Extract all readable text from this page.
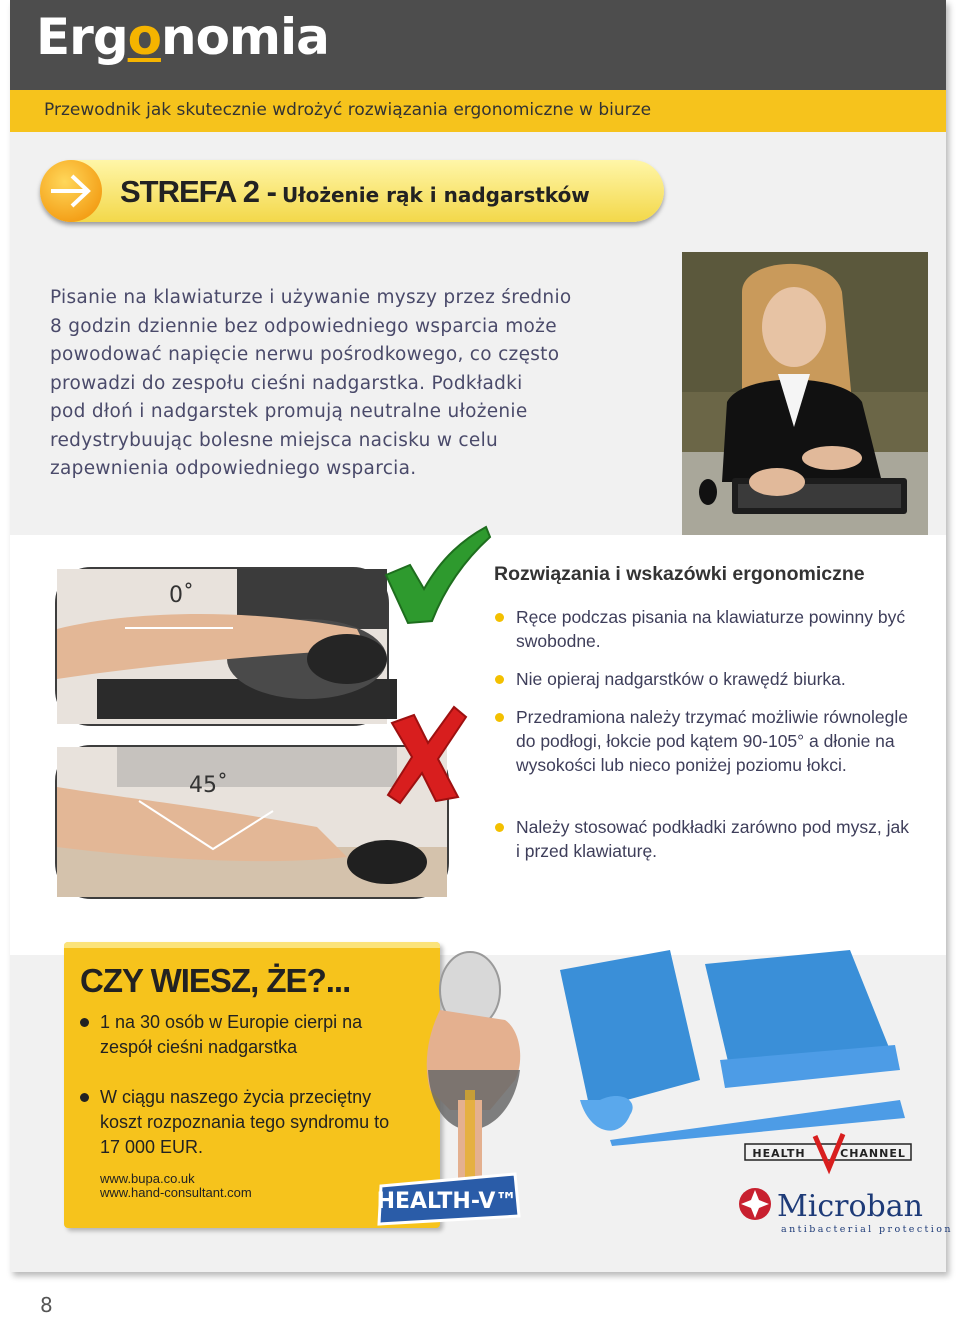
Ergonomia
Przewodnik jak skutecznie wdrożyć rozwiązania ergonomiczne w biurze
STREFA 2 - Ułożenie rąk i nadgarstków
Pisanie na klawiaturze i używanie myszy przez średnio
8 godzin dziennie bez odpowiedniego wsparcia może
powodować napięcie nerwu pośrodkowego, co często
prowadzi do zespołu cieśni nadgarstka. Podkładki
pod dłoń i nadgarstek promują neutralne ułożenie
redystrybuując bolesne miejsca nacisku w celu
zapewnienia odpowiedniego wsparcia.
0˚
45˚
Rozwiązania i wskazówki ergonomiczne
Ręce podczas pisania na klawiaturze powinny być swobodne.
Nie opieraj nadgarstków o krawędź biurka.
Przedramiona należy trzymać możliwie równolegle do podłogi, łokcie pod kątem 90-105° a dłonie na wysokości lub nieco poniżej poziomu łokci.
Należy stosować podkładki zarówno pod mysz, jak i przed klawiaturę.
CZY WIESZ, ŻE?...
1 na 30 osób w Europie cierpi na zespół cieśni nadgarstka
W ciągu naszego życia przeciętny koszt rozpoznania tego syndromu to 17 000 EUR.
www.bupa.co.uk
www.hand-consultant.com	HEALTH-V™
HEALTH	CHANNEL
Microban
antibacterial protection
8
